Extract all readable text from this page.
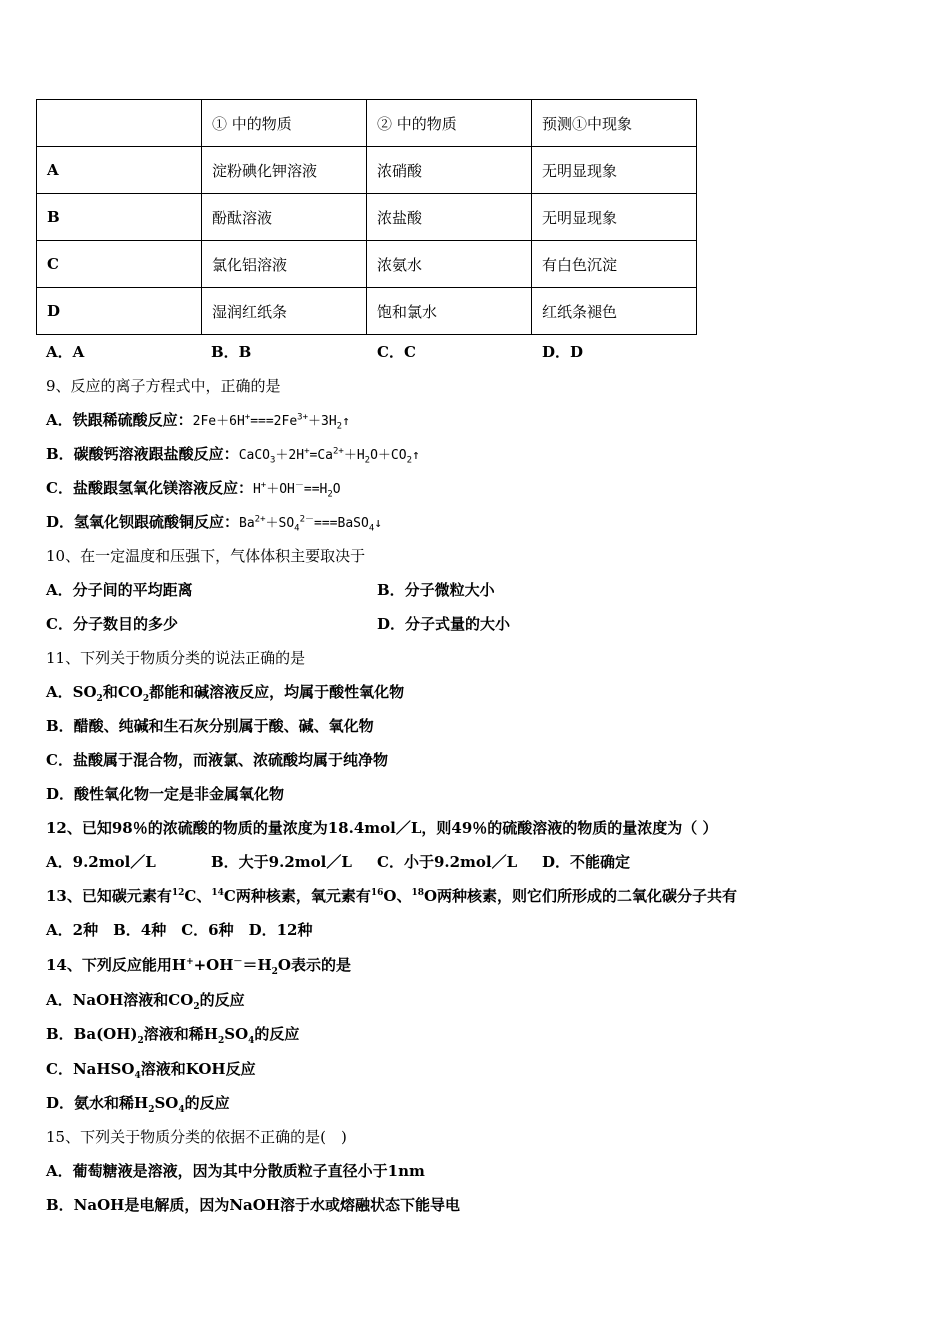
	① 中的物质	② 中的物质	预测①中现象
A	淀粉碘化钾溶液	浓硝酸	无明显现象
B	酚酞溶液	浓盐酸	无明显现象
C	氯化铝溶液	浓氨水	有白色沉淀
D	湿润红纸条	饱和氯水	红纸条褪色
A．A	B．B	C．C	D．D
9、反应的离子方程式中，正确的是
A．铁跟稀硫酸反应：$2Fe+6H^+===2Fe^{3+}+3H_2↑$
B．碳酸钙溶液跟盐酸反应：$CaCO_3+2H^+=Ca^{2+}+H_2O+CO_2↑$
C．盐酸跟氢氧化镁溶液反应：$H^++OH^-==H_2O$
D．氢氧化钡跟硫酸铜反应：$Ba^{2+}+SO_4^{2-}===BaSO_4↓$
10、在一定温度和压强下，气体体积主要取决于
A．分子间的平均距离	B．分子微粒大小
C．分子数目的多少	D．分子式量的大小
11、下列关于物质分类的说法正确的是
A．$SO_2$和$CO_2$都能和碱溶液反应，均属于酸性氧化物
B．醋酸、纯碱和生石灰分别属于酸、碱、氧化物
C．盐酸属于混合物，而液氯、浓硫酸均属于纯净物
D．酸性氧化物一定是非金属氧化物
12、已知98％的浓硫酸的物质的量浓度为18.4mol／L，则49％的硫酸溶液的物质的量浓度为（ ）
A．9.2mol／L	B．大于9.2mol／L C．小于9.2mol／L D．不能确定
13、已知碳元素有$^{12}$C、$^{14}$C两种核素，氧元素有$^{16}$O、$^{18}$O两种核素，则它们所形成的二氧化碳分子共有
A．2种　B．4种　C．6种　D．12种
14、下列反应能用$H^++OH^-=H_2O$表示的是
A．NaOH溶液和$CO_2$的反应
B．$Ba(OH)_2$溶液和稀$H_2SO_4$的反应
C．NaHSO$_4$溶液和KOH反应
D．氨水和稀$H_2SO_4$的反应
15、下列关于物质分类的依据不正确的是(　)
A．葡萄糖液是溶液，因为其中分散质粒子直径小于1nm
B．NaOH是电解质，因为NaOH溶于水或熔融状态下能导电
